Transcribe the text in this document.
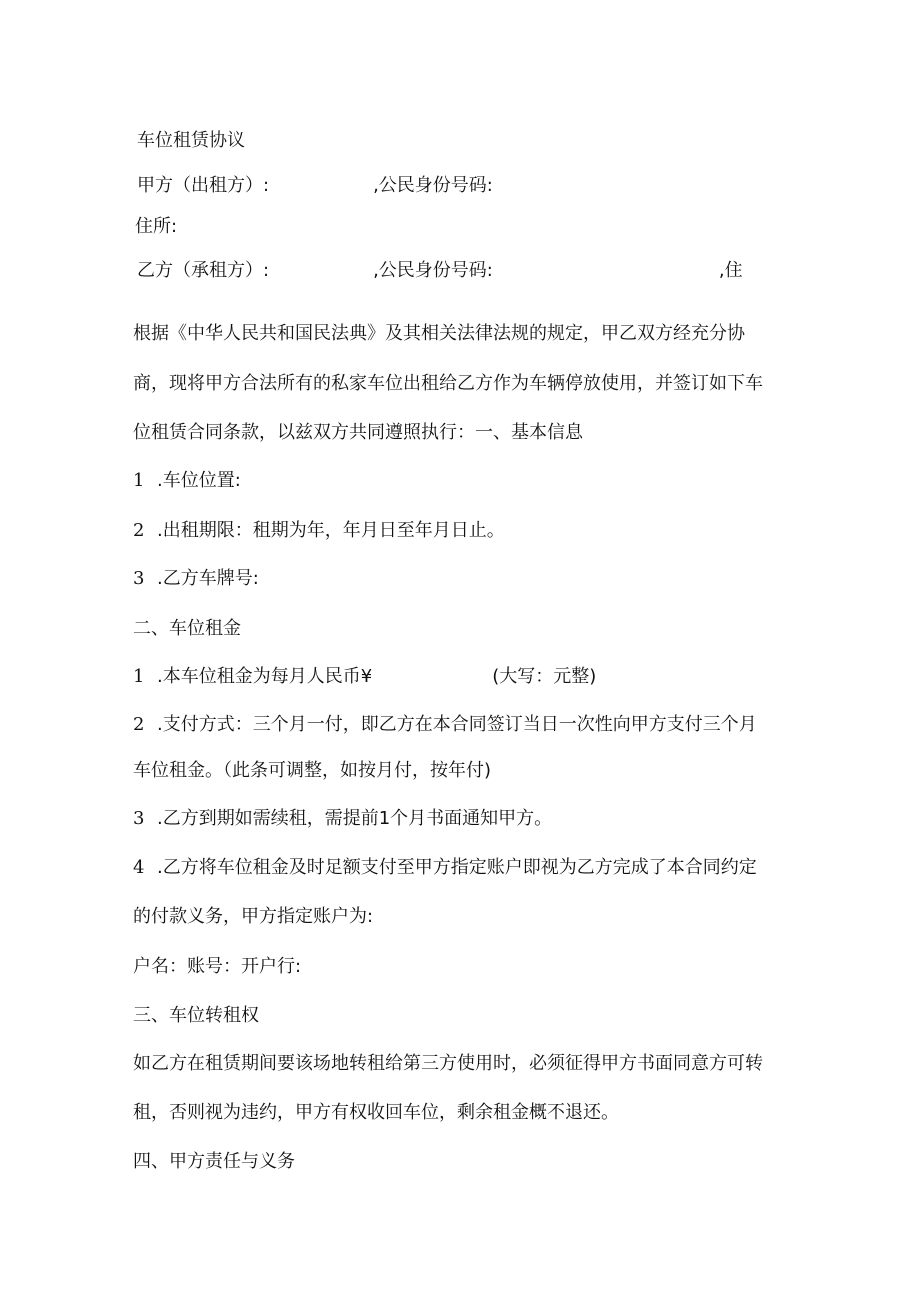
车位租赁协议
甲方（出租方）:	,公民身份号码:
住所:
乙方（承租方）:	,公民身份号码:	,住
根据《中华人民共和国民法典》及其相关法律法规的规定，甲乙双方经充分协
商，现将甲方合法所有的私家车位出租给乙方作为车辆停放使用，并签订如下车
位租赁合同条款，以兹双方共同遵照执行：一、基本信息
1 .车位位置:
2 .出租期限：租期为年，年月日至年月日止。
3 .乙方车牌号:
二、车位租金
1 .本车位租金为每月人民币¥	(大写：元整)
2 .支付方式：三个月一付，即乙方在本合同签订当日一次性向甲方支付三个月
车位租金。（此条可调整，如按月付，按年付)
3 .乙方到期如需续租，需提前1个月书面通知甲方。
4 .乙方将车位租金及时足额支付至甲方指定账户即视为乙方完成了本合同约定
的付款义务，甲方指定账户为:
户名：账号：开户行:
三、车位转租权
如乙方在租赁期间要该场地转租给第三方使用时，必须征得甲方书面同意方可转
租，否则视为违约，甲方有权收回车位，剩余租金概不退还。
四、甲方责任与义务
